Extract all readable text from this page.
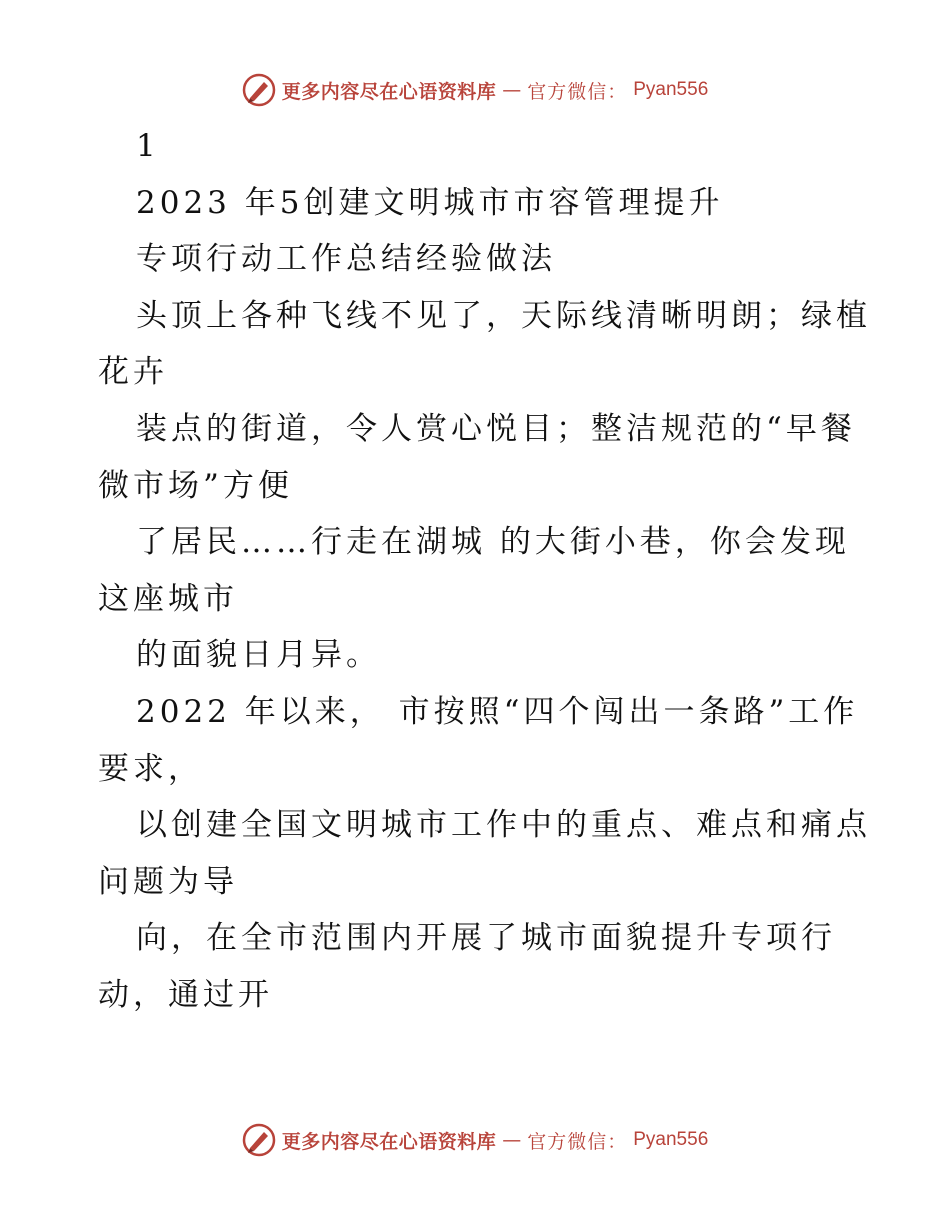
更多内容尽在心语资料库 — 官方微信： Pyan556
1
2023 年5创建文明城市市容管理提升
专项行动工作总结经验做法
头顶上各种飞线不见了，天际线清晰明朗；绿植
花卉
装点的街道，令人赏心悦目；整洁规范的“早餐
微市场”方便
了居民……行走在湖城 的大街小巷，你会发现
这座城市
的面貌日月异。
2022 年以来， 市按照“四个闯出一条路”工作
要求，
以创建全国文明城市工作中的重点、难点和痛点
问题为导
向，在全市范围内开展了城市面貌提升专项行
动，通过开
更多内容尽在心语资料库 — 官方微信： Pyan556
